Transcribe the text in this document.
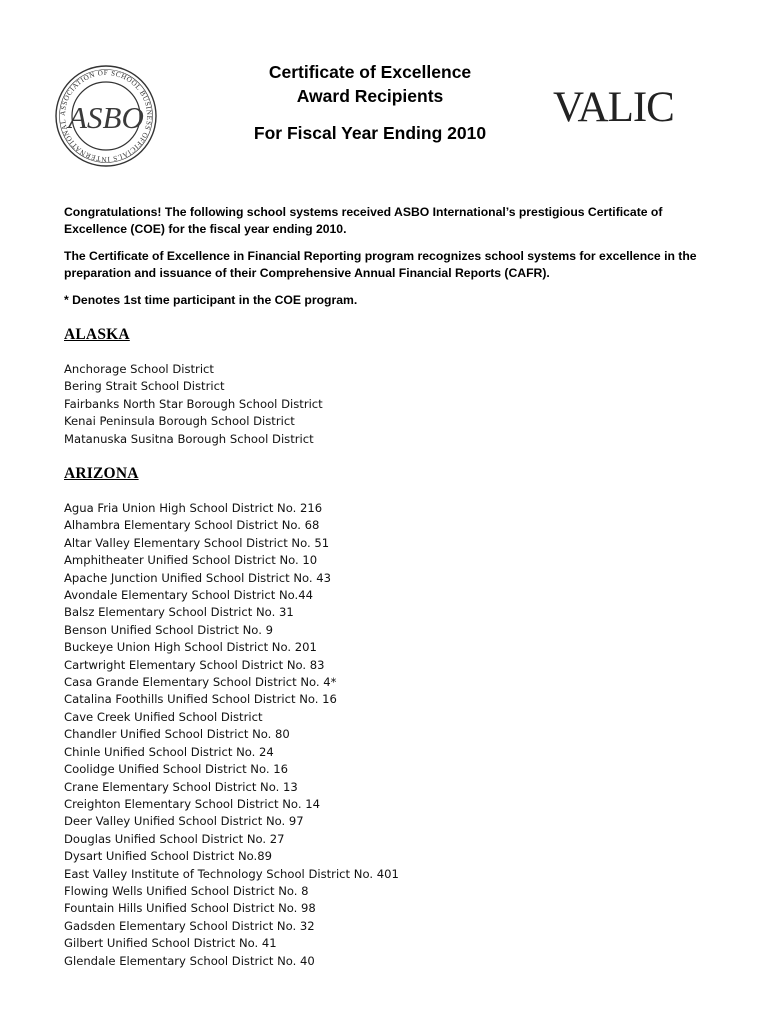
ASSOCIATION OF SCHOOL BUSINESS OFFICIALS INTERNATIONAL ASBO
Certificate of Excellence
Award Recipients
For Fiscal Year Ending 2010
VALIC
Congratulations! The following school systems received ASBO International’s prestigious Certificate of Excellence (COE) for the fiscal year ending 2010.
The Certificate of Excellence in Financial Reporting program recognizes school systems for excellence in the preparation and issuance of their Comprehensive Annual Financial Reports (CAFR).
* Denotes 1st time participant in the COE program.
ALASKA
Anchorage School District
Bering Strait School District
Fairbanks North Star Borough School District
Kenai Peninsula Borough School District
Matanuska Susitna Borough School District
ARIZONA
Agua Fria Union High School District No. 216
Alhambra Elementary School District No. 68
Altar Valley Elementary School District No. 51
Amphitheater Unified School District No. 10
Apache Junction Unified School District No. 43
Avondale Elementary School District No.44
Balsz Elementary School District No. 31
Benson Unified School District No. 9
Buckeye Union High School District No. 201
Cartwright Elementary School District No. 83
Casa Grande Elementary School District No. 4*
Catalina Foothills Unified School District No. 16
Cave Creek Unified School District
Chandler Unified School District No. 80
Chinle Unified School District No. 24
Coolidge Unified School District No. 16
Crane Elementary School District No. 13
Creighton Elementary School District No. 14
Deer Valley Unified School District No. 97
Douglas Unified School District No. 27
Dysart Unified School District No.89
East Valley Institute of Technology School District No. 401
Flowing Wells Unified School District No. 8
Fountain Hills Unified School District No. 98
Gadsden Elementary School District No. 32
Gilbert Unified School District No. 41
Glendale Elementary School District No. 40
